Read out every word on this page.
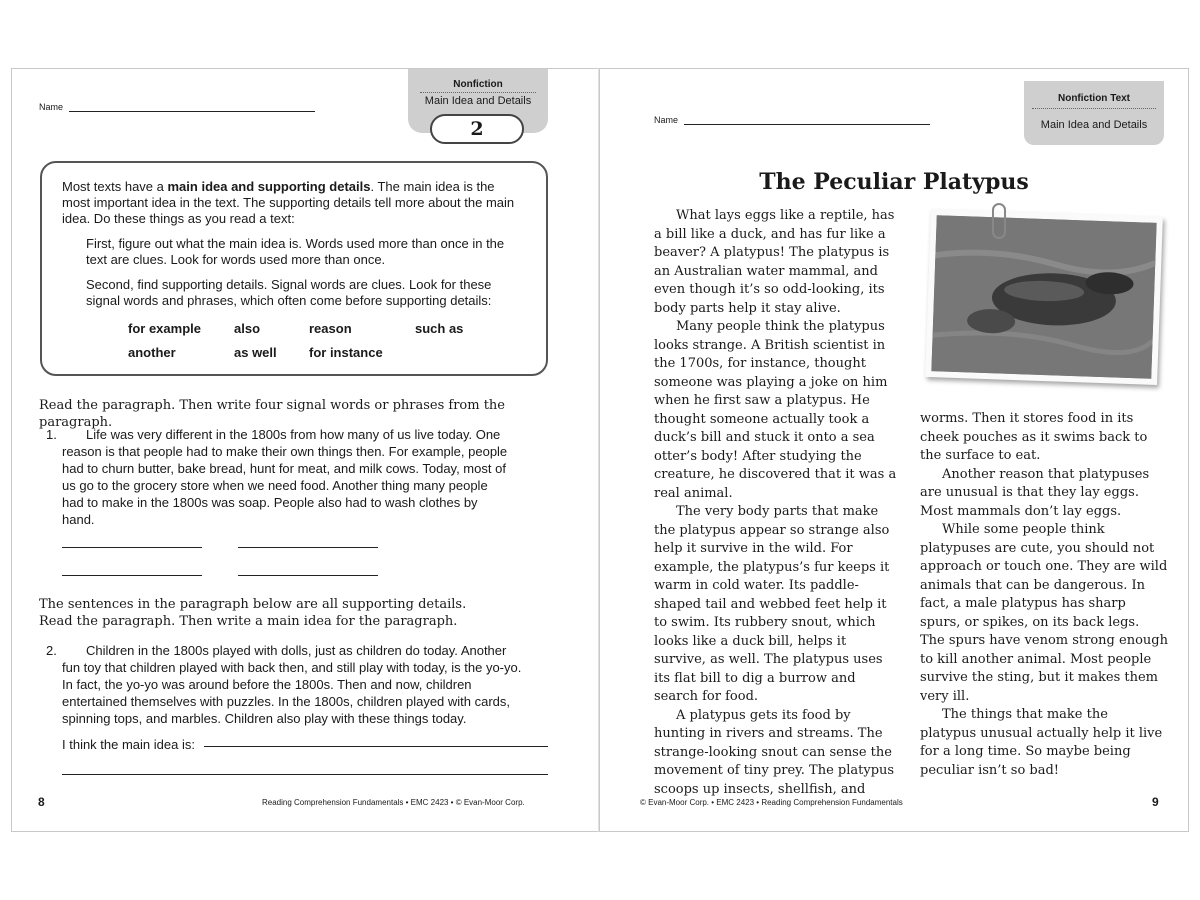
Name
Nonfiction
Main Idea and Details
2

Most texts have a main idea and supporting details. The main idea is the most important idea in the text. The supporting details tell more about the main idea. Do these things as you read a text:

First, figure out what the main idea is. Words used more than once in the text are clues. Look for words used more than once.

Second, find supporting details. Signal words are clues. Look for these signal words and phrases, which often come before supporting details:

for example	also	reason	such as
another	as well	for instance
Read the paragraph. Then write four signal words or phrases from the paragraph.
1.	Life was very different in the 1800s from how many of us live today. One reason is that people had to make their own things then. For example, people had to churn butter, bake bread, hunt for meat, and milk cows. Today, most of us go to the grocery store when we need food. Another thing many people had to make in the 1800s was soap. People also had to wash clothes by hand.

The sentences in the paragraph below are all supporting details.
Read the paragraph. Then write a main idea for the paragraph.
2.	Children in the 1800s played with dolls, just as children do today. Another fun toy that children played with back then, and still play with today, is the yo-yo. In fact, the yo-yo was around before the 1800s. Then and now, children entertained themselves with puzzles. In the 1800s, children played with cards, spinning tops, and marbles. Children also play with these things today.

I think the main idea is:
8	Reading Comprehension Fundamentals • EMC 2423 • © Evan-Moor Corp.
Name
Nonfiction Text
Main Idea and Details
The Peculiar Platypus

What lays eggs like a reptile, has a bill like a duck, and has fur like a beaver? A platypus! The platypus is an Australian water mammal, and even though it’s so odd-looking, its body parts help it stay alive.

Many people think the platypus looks strange. A British scientist in the 1700s, for instance, thought someone was playing a joke on him when he first saw a platypus. He thought someone actually took a duck’s bill and stuck it onto a sea otter’s body! After studying the creature, he discovered that it was a real animal.

The very body parts that make the platypus appear so strange also help it survive in the wild. For example, the platypus’s fur keeps it warm in cold water. Its paddle-shaped tail and webbed feet help it to swim. Its rubbery snout, which looks like a duck bill, helps it survive, as well. The platypus uses its flat bill to dig a burrow and search for food.

A platypus gets its food by hunting in rivers and streams. The strange-looking snout can sense the movement of tiny prey. The platypus scoops up insects, shellfish, and

worms. Then it stores food in its cheek pouches as it swims back to the surface to eat.

Another reason that platypuses are unusual is that they lay eggs. Most mammals don’t lay eggs.

While some people think platypuses are cute, you should not approach or touch one. They are wild animals that can be dangerous. In fact, a male platypus has sharp spurs, or spikes, on its back legs. The spurs have venom strong enough to kill another animal. Most people survive the sting, but it makes them very ill.

The things that make the platypus unusual actually help it live for a long time. So maybe being peculiar isn’t so bad!

© Evan-Moor Corp. • EMC 2423 • Reading Comprehension Fundamentals	9
